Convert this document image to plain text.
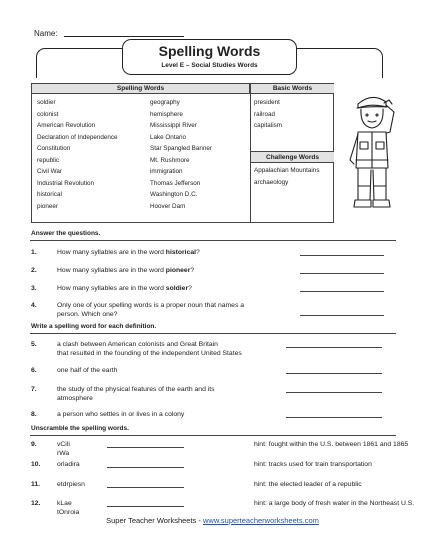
Name:
Spelling Words
Level E – Social Studies Words
Spelling Words
soldier
colonist
American Revolution
Declaration of Independence
Constitution
republic
Civil War
Industrial Revolution
historical
pioneer
geography
hemisphere
Mississippi River
Lake Ontario
Star Spangled Banner
Mt. Rushmore
immigration
Thomas Jefferson
Washington D.C.
Hoover Dam
Basic Words
president
railroad
capitalism
Challenge Words
Appalachian Mountains
archaeology
Answer the questions.
1.	How many syllables are in the word historical?
2.	How many syllables are in the word pioneer?
3.	How many syllables are in the word soldier?
4.	Only one of your spelling words is a proper noun that names a
person. Which one?
Write a spelling word for each definition.
5.	a clash between American colonists and Great Britain
that resulted in the founding of the independent United States
6.	one half of the earth
7.	the study of the physical features of the earth and its
atmosphere
8.	a person who settles in or lives in a colony
Unscramble the spelling words.
9.	vCili rWa
hint: fought within the U.S. between 1861 and 1865
10. orladira	hint: tracks used for train transportation
11. etdrpiesn	hint: the elected leader of a republic
12. kLae tOnroia
hint: a large body of fresh water in the Northeast U.S.
Super Teacher Worksheets - www.superteacherworksheets.com
